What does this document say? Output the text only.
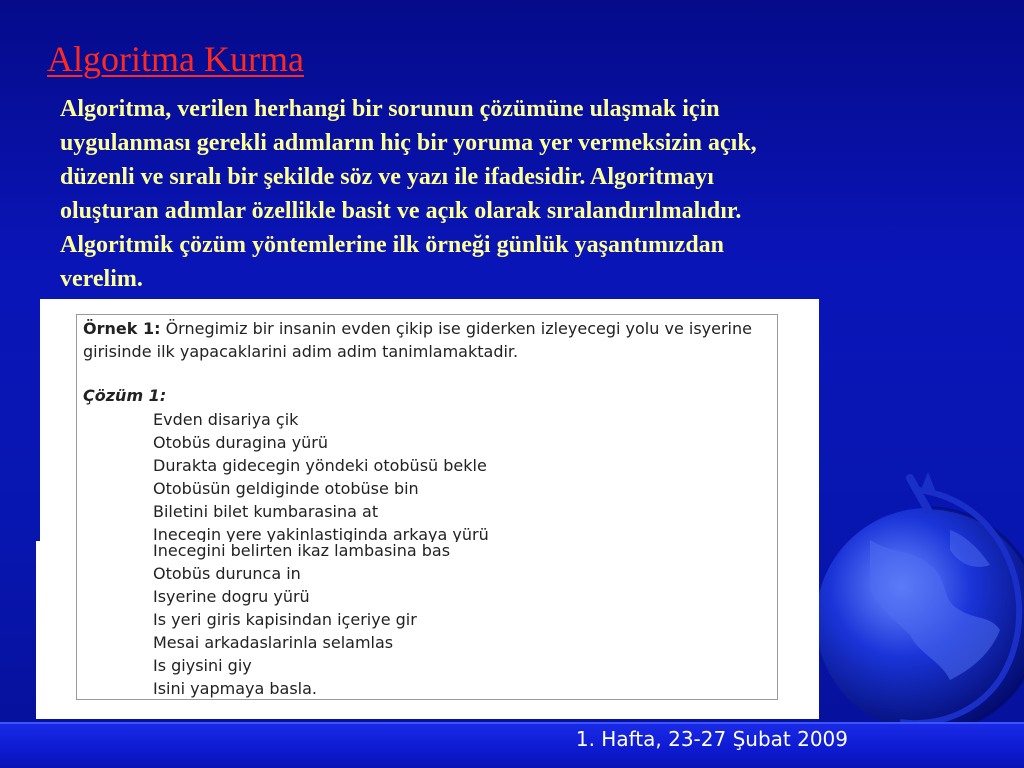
Algoritma Kurma
Algoritma, verilen herhangi bir sorunun çözümüne ulaşmak için
uygulanması gerekli adımların hiç bir yoruma yer vermeksizin açık,
düzenli ve sıralı bir şekilde söz ve yazı ile ifadesidir. Algoritmayı
oluşturan adımlar özellikle basit ve açık olarak sıralandırılmalıdır.
Algoritmik çözüm yöntemlerine ilk örneği günlük yaşantımızdan
verelim.
Örnek 1: Örnegimiz bir insanin evden çikip ise giderken izleyecegi yolu ve isyerine
girisinde ilk yapacaklarini adim adim tanimlamaktadir.
Çözüm 1:
Evden disariya çik
Otobüs duragina yürü
Durakta gidecegin yöndeki otobüsü bekle
Otobüsün geldiginde otobüse bin
Biletini bilet kumbarasina at
Inecegin yere yakinlastiginda arkaya yürü
Inecegini belirten ikaz lambasina bas
Otobüs durunca in
Isyerine dogru yürü
Is yeri giris kapisindan içeriye gir
Mesai arkadaslarinla selamlas
Is giysini giy
Isini yapmaya basla.
1. Hafta, 23-27 Şubat 2009
